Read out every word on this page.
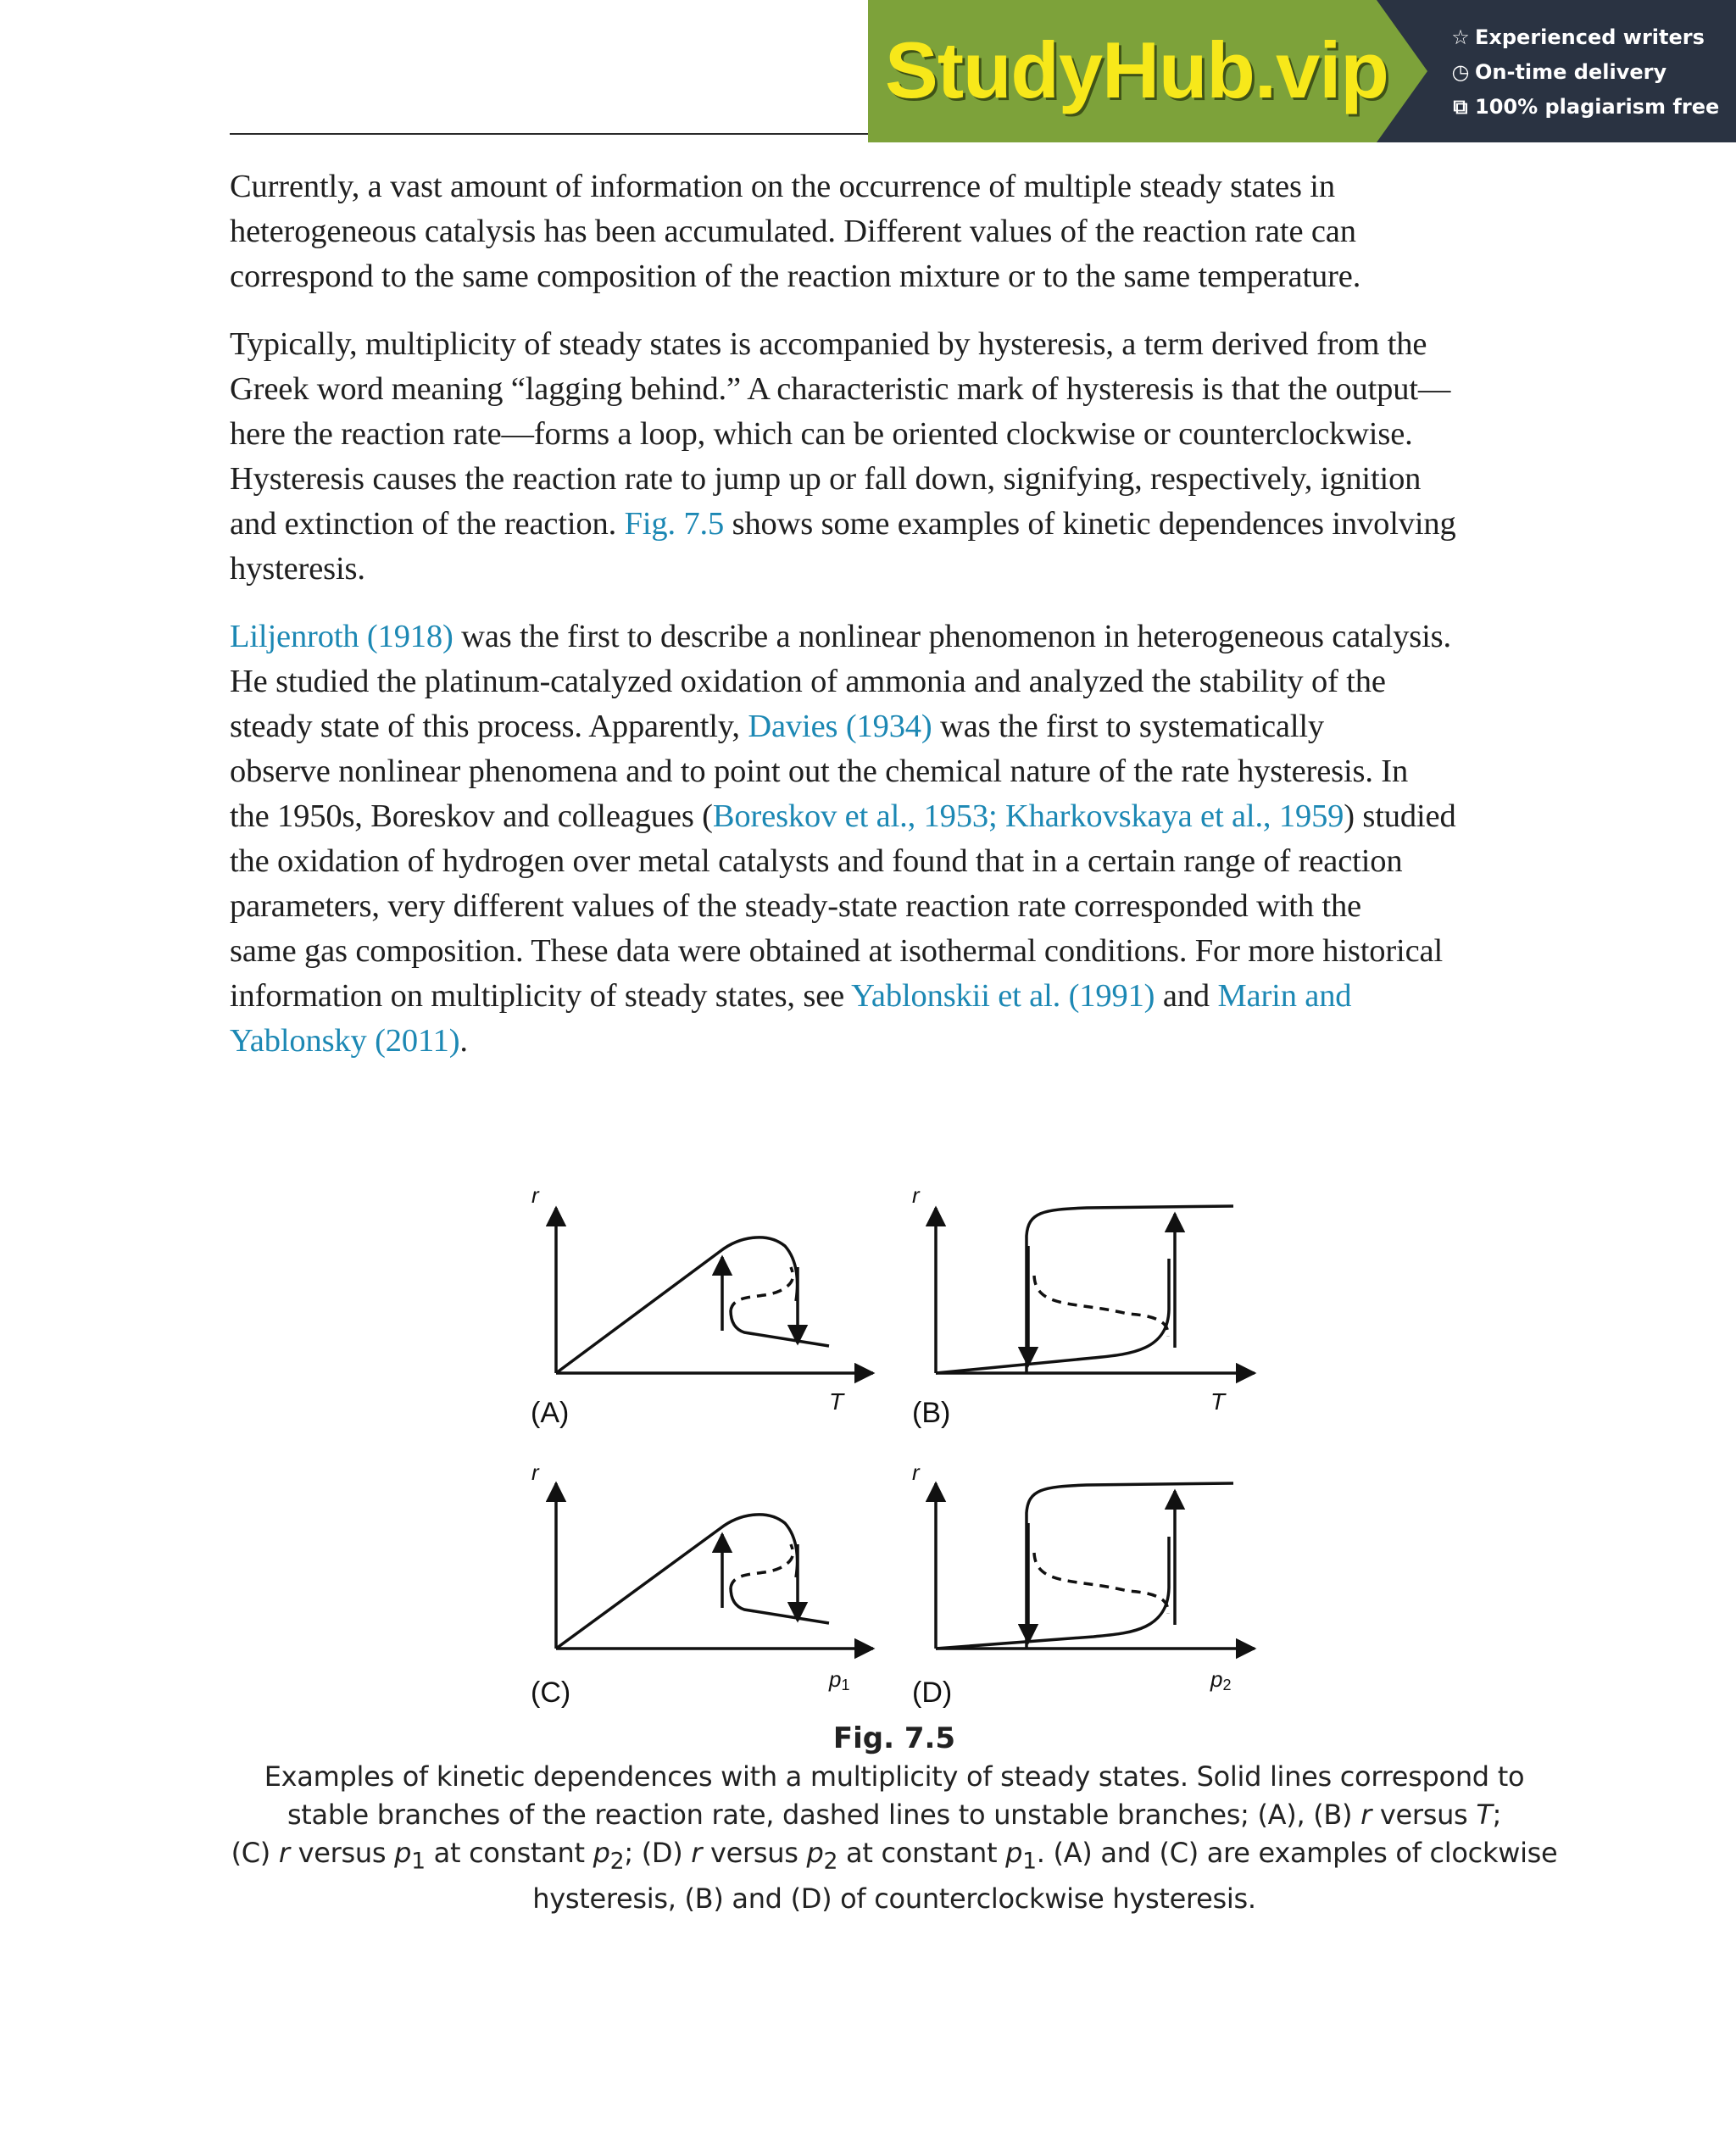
StudyHub.vip	☆ Experienced writers
◷ On-time delivery
⧉ 100% plagiarism free

Currently, a vast amount of information on the occurrence of multiple steady states in
heterogeneous catalysis has been accumulated. Different values of the reaction rate can
correspond to the same composition of the reaction mixture or to the same temperature.

Typically, multiplicity of steady states is accompanied by hysteresis, a term derived from the
Greek word meaning “lagging behind.” A characteristic mark of hysteresis is that the output—
here the reaction rate—forms a loop, which can be oriented clockwise or counterclockwise.
Hysteresis causes the reaction rate to jump up or fall down, signifying, respectively, ignition
and extinction of the reaction. Fig. 7.5 shows some examples of kinetic dependences involving
hysteresis.

Liljenroth (1918) was the first to describe a nonlinear phenomenon in heterogeneous catalysis.
He studied the platinum-catalyzed oxidation of ammonia and analyzed the stability of the
steady state of this process. Apparently, Davies (1934) was the first to systematically
observe nonlinear phenomena and to point out the chemical nature of the rate hysteresis. In
the 1950s, Boreskov and colleagues (Boreskov et al., 1953; Kharkovskaya et al., 1959) studied
the oxidation of hydrogen over metal catalysts and found that in a certain range of reaction
parameters, very different values of the steady-state reaction rate corresponded with the
same gas composition. These data were obtained at isothermal conditions. For more historical
information on multiplicity of steady states, see Yablonskii et al. (1991) and Marin and
Yablonsky (2011).

r
T
(A)
r
T
(B)
r
p1
(C)
r
p2
(D)
Fig. 7.5
Examples of kinetic dependences with a multiplicity of steady states. Solid lines correspond to
stable branches of the reaction rate, dashed lines to unstable branches; (A), (B) r versus T;
(C) r versus $p_1$ at constant $p_2$; (D) r versus $p_2$ at constant $p_1$. (A) and (C) are examples of clockwise
hysteresis, (B) and (D) of counterclockwise hysteresis.
